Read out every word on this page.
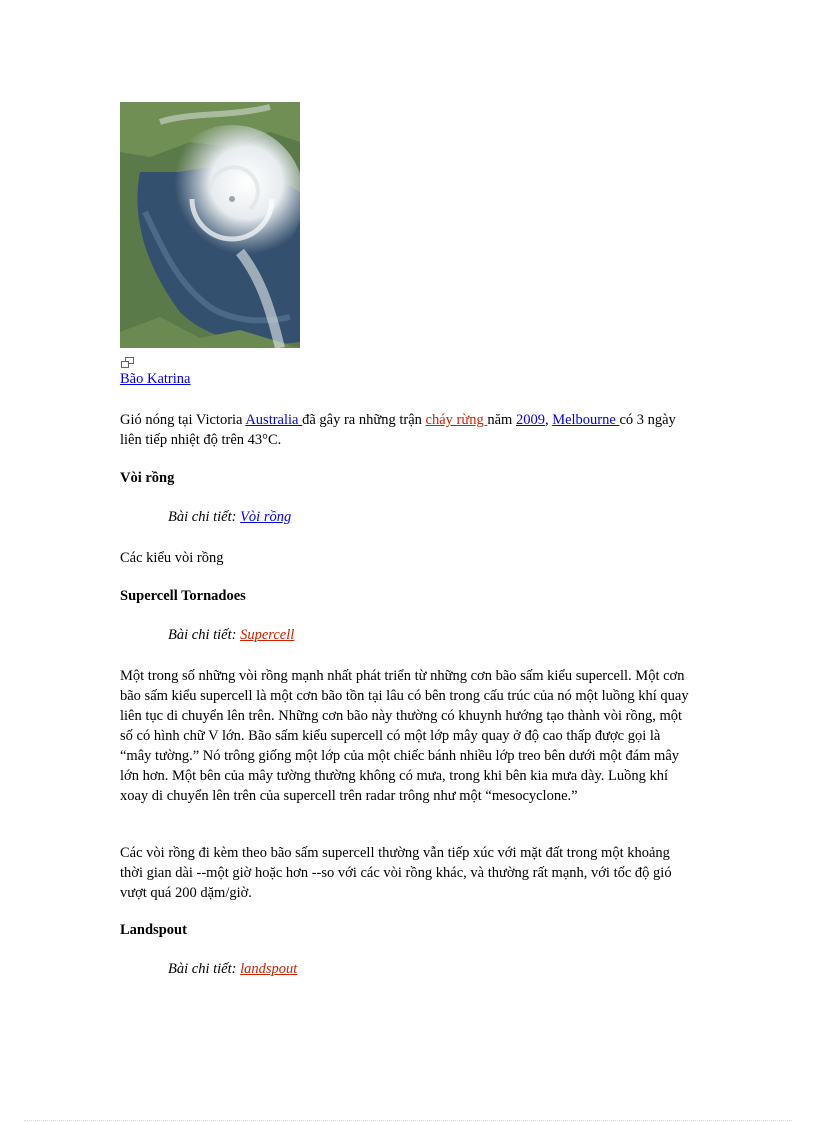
Bão Katrina
Gió nóng tại Victoria Australia đã gây ra những trận cháy rừng năm 2009, Melbourne có 3 ngày liên tiếp nhiệt độ trên 43°C.
Vòi rồng
Bài chi tiết: Vòi rồng
Các kiểu vòi rồng
Supercell Tornadoes
Bài chi tiết: Supercell
Một trong số những vòi rồng mạnh nhất phát triển từ những cơn bão sấm kiểu supercell. Một cơn bão sấm kiểu supercell là một cơn bão tồn tại lâu có bên trong cấu trúc của nó một luồng khí quay liên tục di chuyển lên trên. Những cơn bão này thường có khuynh hướng tạo thành vòi rồng, một số có hình chữ V lớn. Bão sấm kiểu supercell có một lớp mây quay ở độ cao thấp được gọi là “mây tường.” Nó trông giống một lớp của một chiếc bánh nhiều lớp treo bên dưới một đám mây lớn hơn. Một bên của mây tường thường không có mưa, trong khi bên kia mưa dày. Luồng khí xoay di chuyển lên trên của supercell trên radar trông như một “mesocyclone.”
Các vòi rồng đi kèm theo bão sấm supercell thường vẫn tiếp xúc với mặt đất trong một khoảng thời gian dài --một giờ hoặc hơn --so với các vòi rồng khác, và thường rất mạnh, với tốc độ gió vượt quá 200 dặm/giờ.
Landspout
Bài chi tiết: landspout
